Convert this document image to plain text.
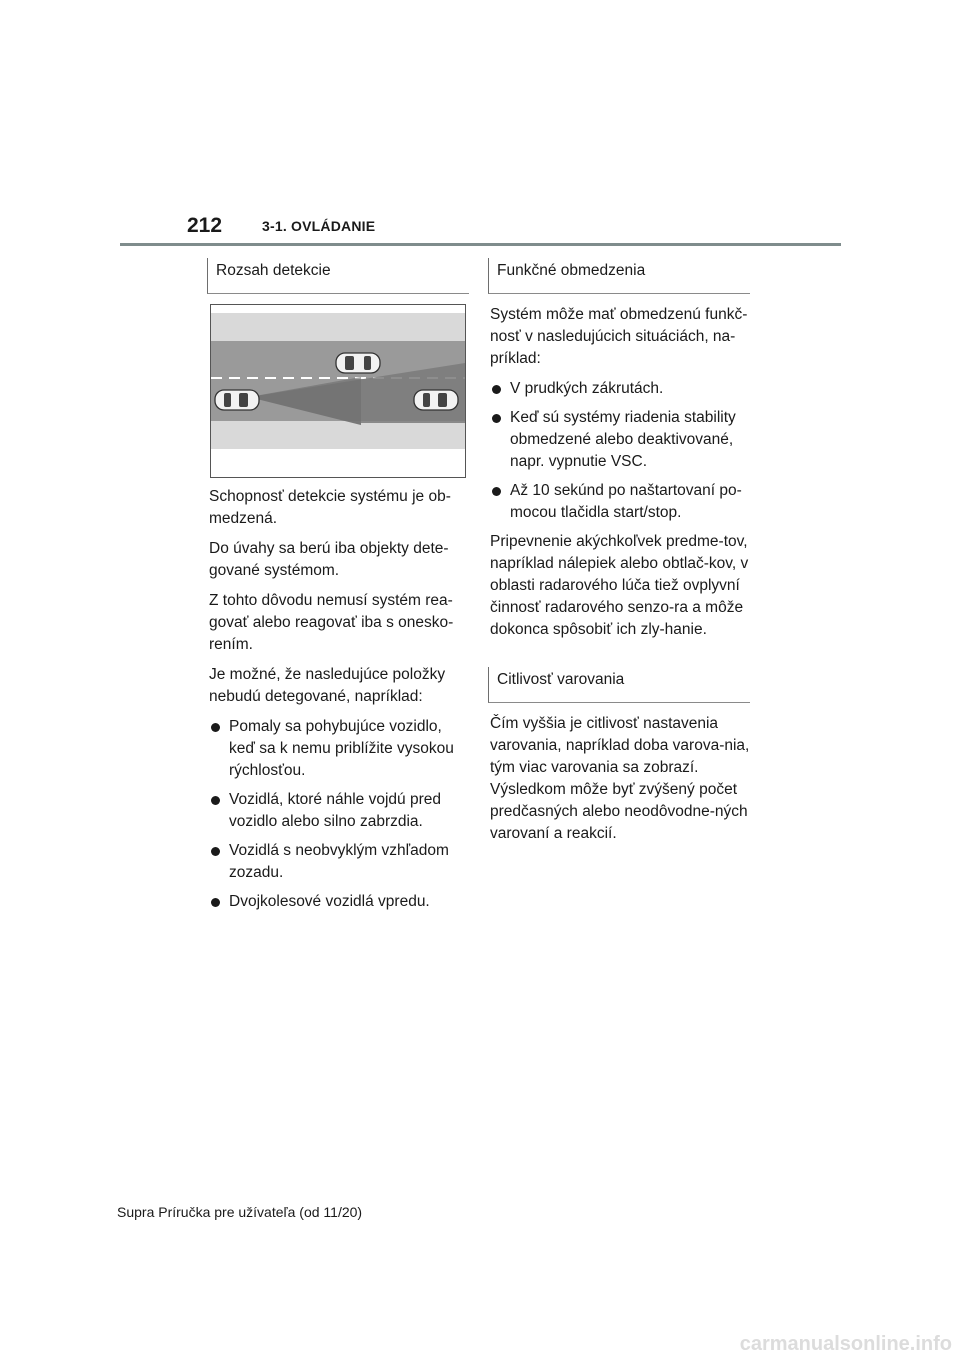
212	3-1. OVLÁDANIE
Rozsah detekcie
Schopnosť detekcie systému je ob-medzená.
Do úvahy sa berú iba objekty dete-gované systémom.
Z tohto dôvodu nemusí systém rea-govať alebo reagovať iba s onesko-rením.
Je možné, že nasledujúce položky nebudú detegované, napríklad:
Pomaly sa pohybujúce vozidlo, keď sa k nemu priblížite vysokou rýchlosťou.
Vozidlá, ktoré náhle vojdú pred vozidlo alebo silno zabrzdia.
Vozidlá s neobvyklým vzhľadom zozadu.
Dvojkolesové vozidlá vpredu.
Funkčné obmedzenia
Systém môže mať obmedzenú funkč-nosť v nasledujúcich situáciách, na-príklad:
V prudkých zákrutách.
Keď sú systémy riadenia stability obmedzené alebo deaktivované, napr. vypnutie VSC.
Až 10 sekúnd po naštartovaní po-mocou tlačidla start/stop.
Pripevnenie akýchkoľvek predme-tov, napríklad nálepiek alebo obtlač-kov, v oblasti radarového lúča tiež ovplyvní činnosť radarového senzo-ra a môže dokonca spôsobiť ich zly-hanie.
Citlivosť varovania
Čím vyššia je citlivosť nastavenia varovania, napríklad doba varova-nia, tým viac varovania sa zobrazí. Výsledkom môže byť zvýšený počet predčasných alebo neodôvodne-ných varovaní a reakcií.
Supra Príručka pre užívateľa (od 11/20)
carmanualsonline.info
